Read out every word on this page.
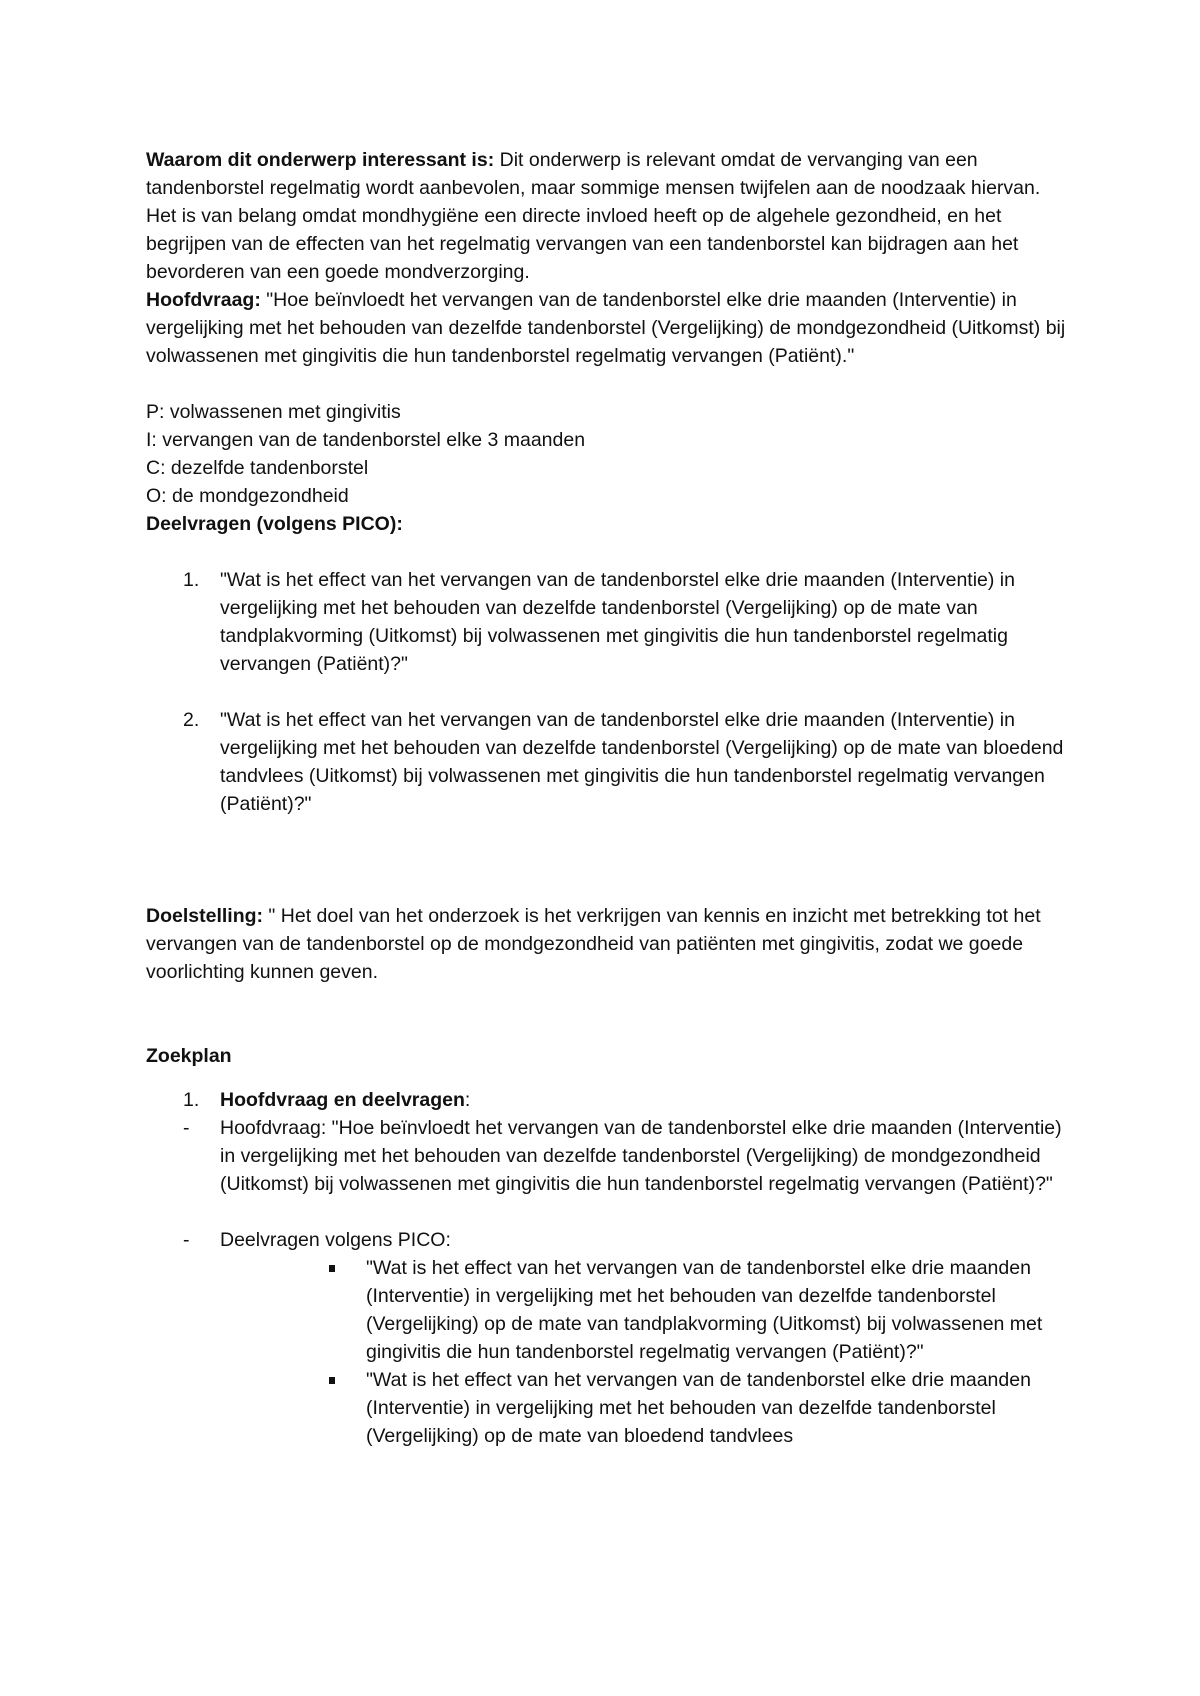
Waarom dit onderwerp interessant is: Dit onderwerp is relevant omdat de vervanging van een tandenborstel regelmatig wordt aanbevolen, maar sommige mensen twijfelen aan de noodzaak hiervan. Het is van belang omdat mondhygiëne een directe invloed heeft op de algehele gezondheid, en het begrijpen van de effecten van het regelmatig vervangen van een tandenborstel kan bijdragen aan het bevorderen van een goede mondverzorging.

Hoofdvraag: "Hoe beïnvloedt het vervangen van de tandenborstel elke drie maanden (Interventie) in vergelijking met het behouden van dezelfde tandenborstel (Vergelijking) de mondgezondheid (Uitkomst) bij volwassenen met gingivitis die hun tandenborstel regelmatig vervangen (Patiënt)."

P: volwassenen met gingivitis

I: vervangen van de tandenborstel elke 3 maanden

C: dezelfde tandenborstel

O: de mondgezondheid

Deelvragen (volgens PICO):

1. "Wat is het effect van het vervangen van de tandenborstel elke drie maanden (Interventie) in vergelijking met het behouden van dezelfde tandenborstel (Vergelijking) op de mate van tandplakvorming (Uitkomst) bij volwassenen met gingivitis die hun tandenborstel regelmatig vervangen (Patiënt)?"

2. "Wat is het effect van het vervangen van de tandenborstel elke drie maanden (Interventie) in vergelijking met het behouden van dezelfde tandenborstel (Vergelijking) op de mate van bloedend tandvlees (Uitkomst) bij volwassenen met gingivitis die hun tandenborstel regelmatig vervangen (Patiënt)?"

Doelstelling: " Het doel van het onderzoek is het verkrijgen van kennis en inzicht met betrekking tot het vervangen van de tandenborstel op de mondgezondheid van patiënten met gingivitis, zodat we goede voorlichting kunnen geven.

Zoekplan

1. Hoofdvraag en deelvragen:

- Hoofdvraag: "Hoe beïnvloedt het vervangen van de tandenborstel elke drie maanden (Interventie) in vergelijking met het behouden van dezelfde tandenborstel (Vergelijking) de mondgezondheid (Uitkomst) bij volwassenen met gingivitis die hun tandenborstel regelmatig vervangen (Patiënt)?"

- Deelvragen volgens PICO:

"Wat is het effect van het vervangen van de tandenborstel elke drie maanden (Interventie) in vergelijking met het behouden van dezelfde tandenborstel (Vergelijking) op de mate van tandplakvorming (Uitkomst) bij volwassenen met gingivitis die hun tandenborstel regelmatig vervangen (Patiënt)?"

"Wat is het effect van het vervangen van de tandenborstel elke drie maanden (Interventie) in vergelijking met het behouden van dezelfde tandenborstel (Vergelijking) op de mate van bloedend tandvlees
